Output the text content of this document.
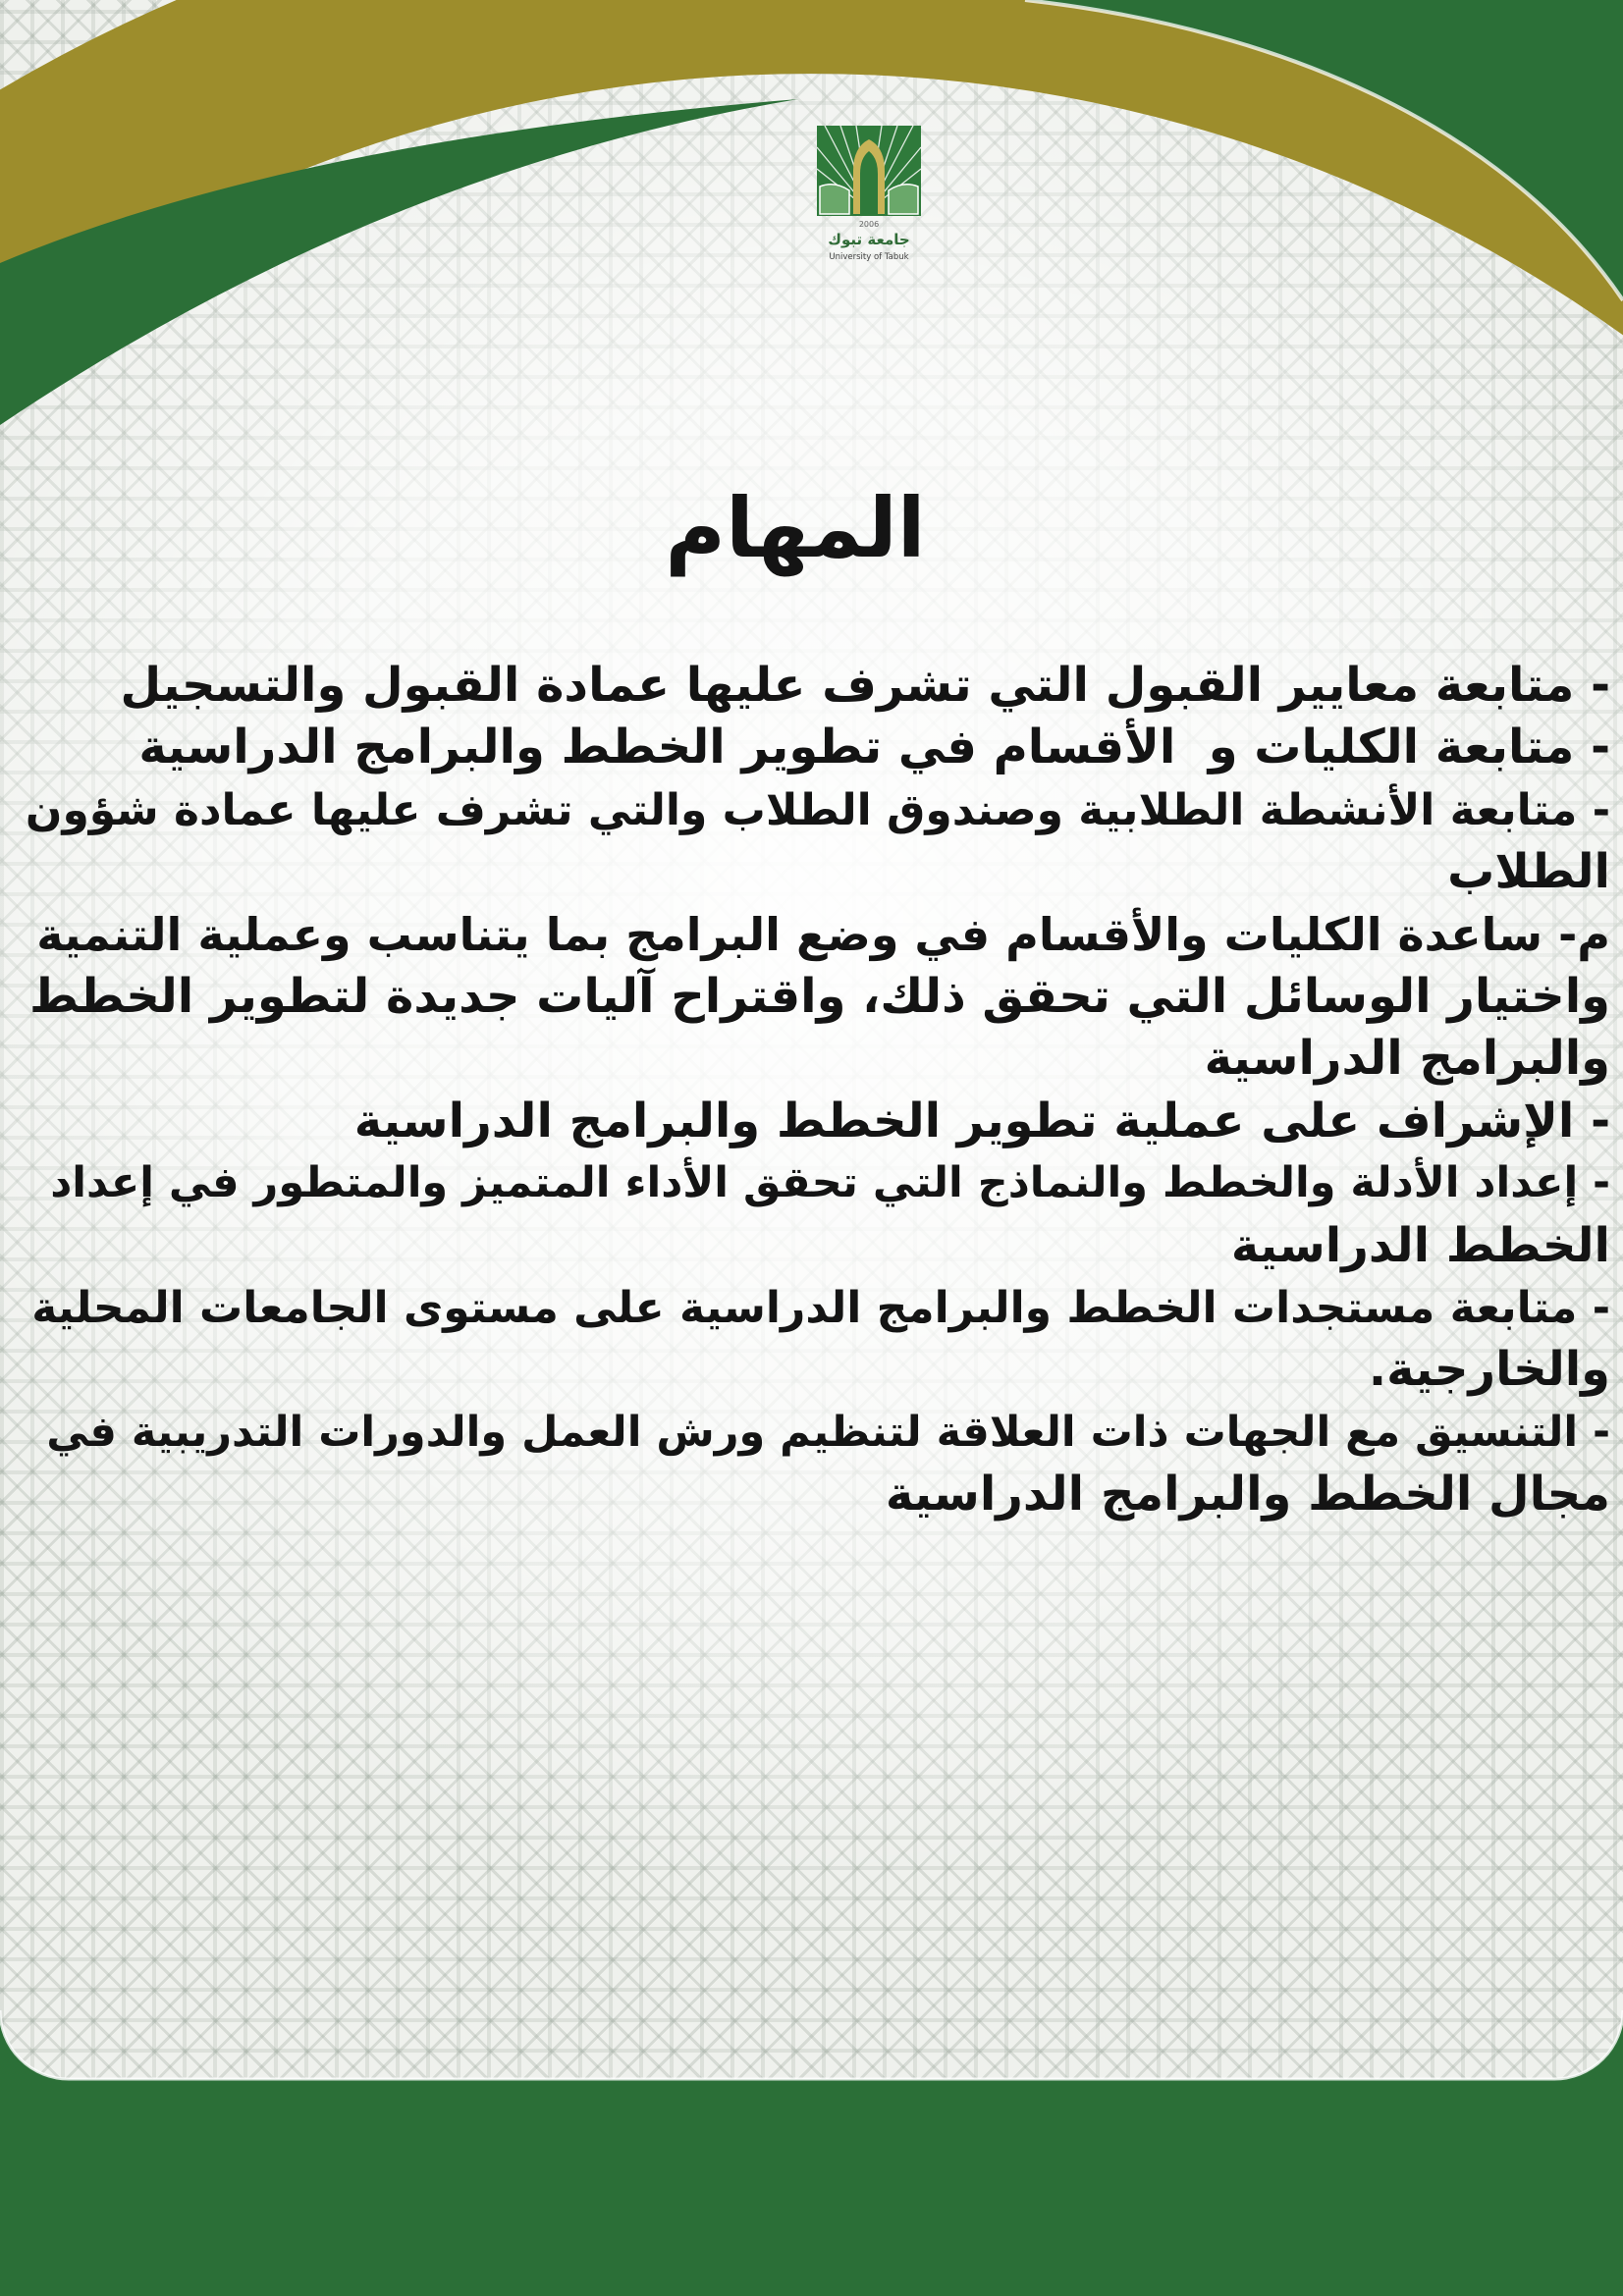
2006
جامعة تبوك
University of Tabuk
المهام
- متابعة معايير القبول التي تشرف عليها عمادة القبول والتسجيل
- متابعة الكليات و  الأقسام في تطوير الخطط والبرامج الدراسية
- متابعة الأنشطة الطلابية وصندوق الطلاب والتي تشرف عليها عمادة شؤون
الطلاب
م- ساعدة الكليات والأقسام في وضع البرامج بما يتناسب وعملية التنمية
واختيار الوسائل التي تحقق ذلك، واقتراح آليات جديدة لتطوير الخطط
والبرامج الدراسية
- الإشراف على عملية تطوير الخطط والبرامج الدراسية
- إعداد الأدلة والخطط والنماذج التي تحقق الأداء المتميز والمتطور في إعداد
الخطط الدراسية
- متابعة مستجدات الخطط والبرامج الدراسية على مستوى الجامعات المحلية
والخارجية.
- التنسيق مع الجهات ذات العلاقة لتنظيم ورش العمل والدورات التدريبية في
مجال الخطط والبرامج الدراسية
